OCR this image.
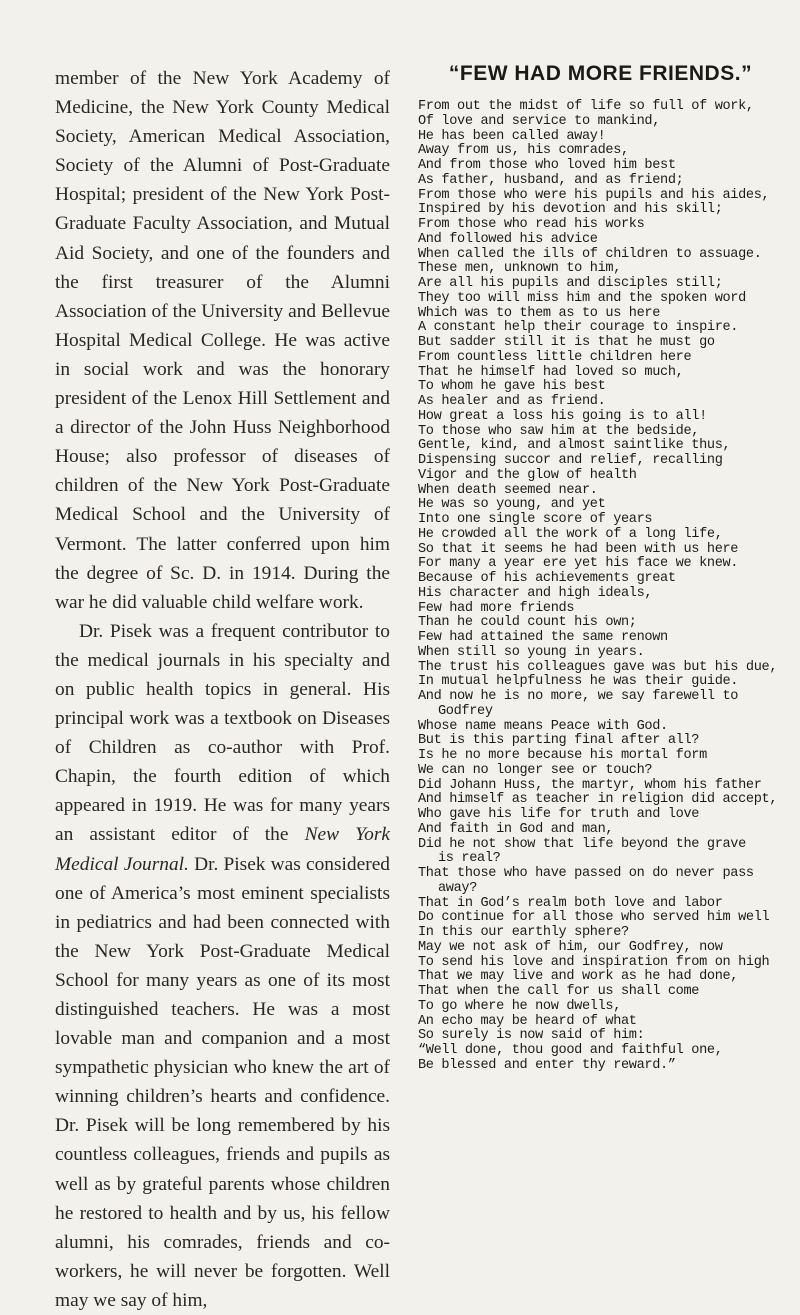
member of the New York Academy of Medicine, the New York County Medical Society, American Medical Association, Society of the Alumni of Post-Graduate Hospital; president of the New York Post-Graduate Faculty Association, and Mutual Aid Society, and one of the founders and the first treasurer of the Alumni Association of the University and Bellevue Hospital Medical College. He was active in social work and was the honorary president of the Lenox Hill Settlement and a director of the John Huss Neighborhood House; also professor of diseases of children of the New York Post-Graduate Medical School and the University of Vermont. The latter conferred upon him the degree of Sc. D. in 1914. During the war he did valuable child welfare work.

Dr. Pisek was a frequent contributor to the medical journals in his specialty and on public health topics in general. His principal work was a textbook on Diseases of Children as co-author with Prof. Chapin, the fourth edition of which appeared in 1919. He was for many years an assistant editor of the New York Medical Journal. Dr. Pisek was considered one of America’s most eminent specialists in pediatrics and had been connected with the New York Post-Graduate Medical School for many years as one of its most distinguished teachers. He was a most lovable man and companion and a most sympathetic physician who knew the art of winning children’s hearts and confidence. Dr. Pisek will be long remembered by his countless colleagues, friends and pupils as well as by grateful parents whose children he restored to health and by us, his fellow alumni, his comrades, friends and co-workers, he will never be forgotten. Well may we say of him,

“FEW HAD MORE FRIENDS.”
From out the midst of life so full of work,
Of love and service to mankind,
He has been called away!
Away from us, his comrades,
And from those who loved him best
As father, husband, and as friend;
From those who were his pupils and his aides,
Inspired by his devotion and his skill;
From those who read his works
And followed his advice
When called the ills of children to assuage.
These men, unknown to him,
Are all his pupils and disciples still;
They too will miss him and the spoken word
Which was to them as to us here
A constant help their courage to inspire.
But sadder still it is that he must go
From countless little children here
That he himself had loved so much,
To whom he gave his best
As healer and as friend.
How great a loss his going is to all!
To those who saw him at the bedside,
Gentle, kind, and almost saintlike thus,
Dispensing succor and relief, recalling
Vigor and the glow of health
When death seemed near.
He was so young, and yet
Into one single score of years
He crowded all the work of a long life,
So that it seems he had been with us here
For many a year ere yet his face we knew.
Because of his achievements great
His character and high ideals,
Few had more friends
Than he could count his own;
Few had attained the same renown
When still so young in years.
The trust his colleagues gave was but his due,
In mutual helpfulness he was their guide.
And now he is no more, we say farewell to
Godfrey
Whose name means Peace with God.
But is this parting final after all?
Is he no more because his mortal form
We can no longer see or touch?
Did Johann Huss, the martyr, whom his father
And himself as teacher in religion did accept,
Who gave his life for truth and love
And faith in God and man,
Did he not show that life beyond the grave
is real?
That those who have passed on do never pass
away?
That in God’s realm both love and labor
Do continue for all those who served him well
In this our earthly sphere?
May we not ask of him, our Godfrey, now
To send his love and inspiration from on high
That we may live and work as he had done,
That when the call for us shall come
To go where he now dwells,
An echo may be heard of what
So surely is now said of him:
“Well done, thou good and faithful one,
Be blessed and enter thy reward.”
